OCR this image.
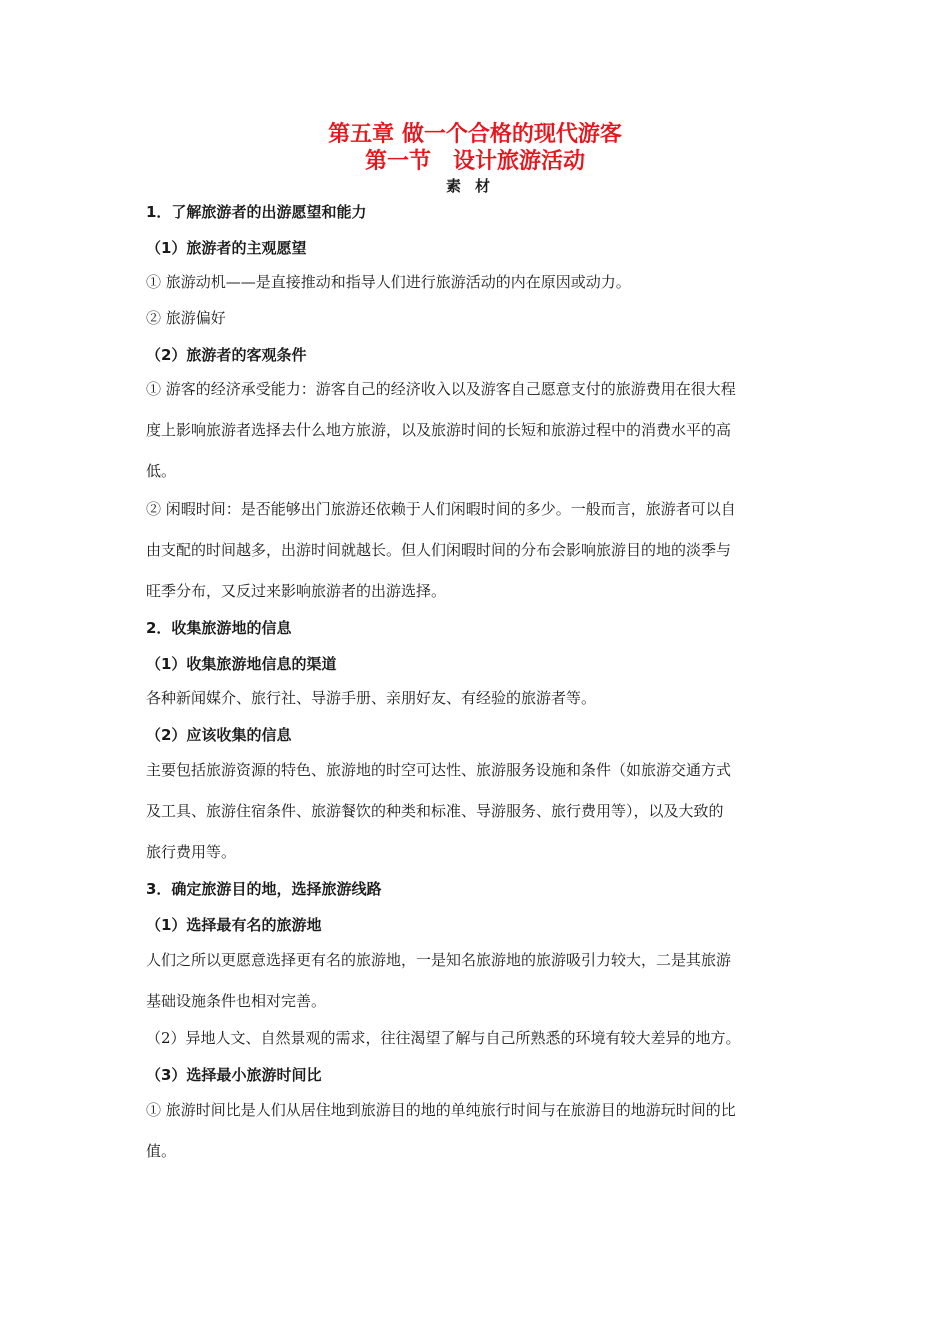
第五章 做一个合格的现代游客
第一节　设计旅游活动
素材
1．了解旅游者的出游愿望和能力
（1）旅游者的主观愿望
① 旅游动机——是直接推动和指导人们进行旅游活动的内在原因或动力。
② 旅游偏好
（2）旅游者的客观条件
① 游客的经济承受能力：游客自己的经济收入以及游客自己愿意支付的旅游费用在很大程
度上影响旅游者选择去什么地方旅游，以及旅游时间的长短和旅游过程中的消费水平的高
低。
② 闲暇时间：是否能够出门旅游还依赖于人们闲暇时间的多少。一般而言，旅游者可以自
由支配的时间越多，出游时间就越长。但人们闲暇时间的分布会影响旅游目的地的淡季与
旺季分布，又反过来影响旅游者的出游选择。
2．收集旅游地的信息
（1）收集旅游地信息的渠道
各种新闻媒介、旅行社、导游手册、亲朋好友、有经验的旅游者等。
（2）应该收集的信息
主要包括旅游资源的特色、旅游地的时空可达性、旅游服务设施和条件（如旅游交通方式
及工具、旅游住宿条件、旅游餐饮的种类和标准、导游服务、旅行费用等），以及大致的
旅行费用等。
3．确定旅游目的地，选择旅游线路
（1）选择最有名的旅游地
人们之所以更愿意选择更有名的旅游地，一是知名旅游地的旅游吸引力较大，二是其旅游
基础设施条件也相对完善。
（2）异地人文、自然景观的需求，往往渴望了解与自己所熟悉的环境有较大差异的地方。
（3）选择最小旅游时间比
① 旅游时间比是人们从居住地到旅游目的地的单纯旅行时间与在旅游目的地游玩时间的比
值。
